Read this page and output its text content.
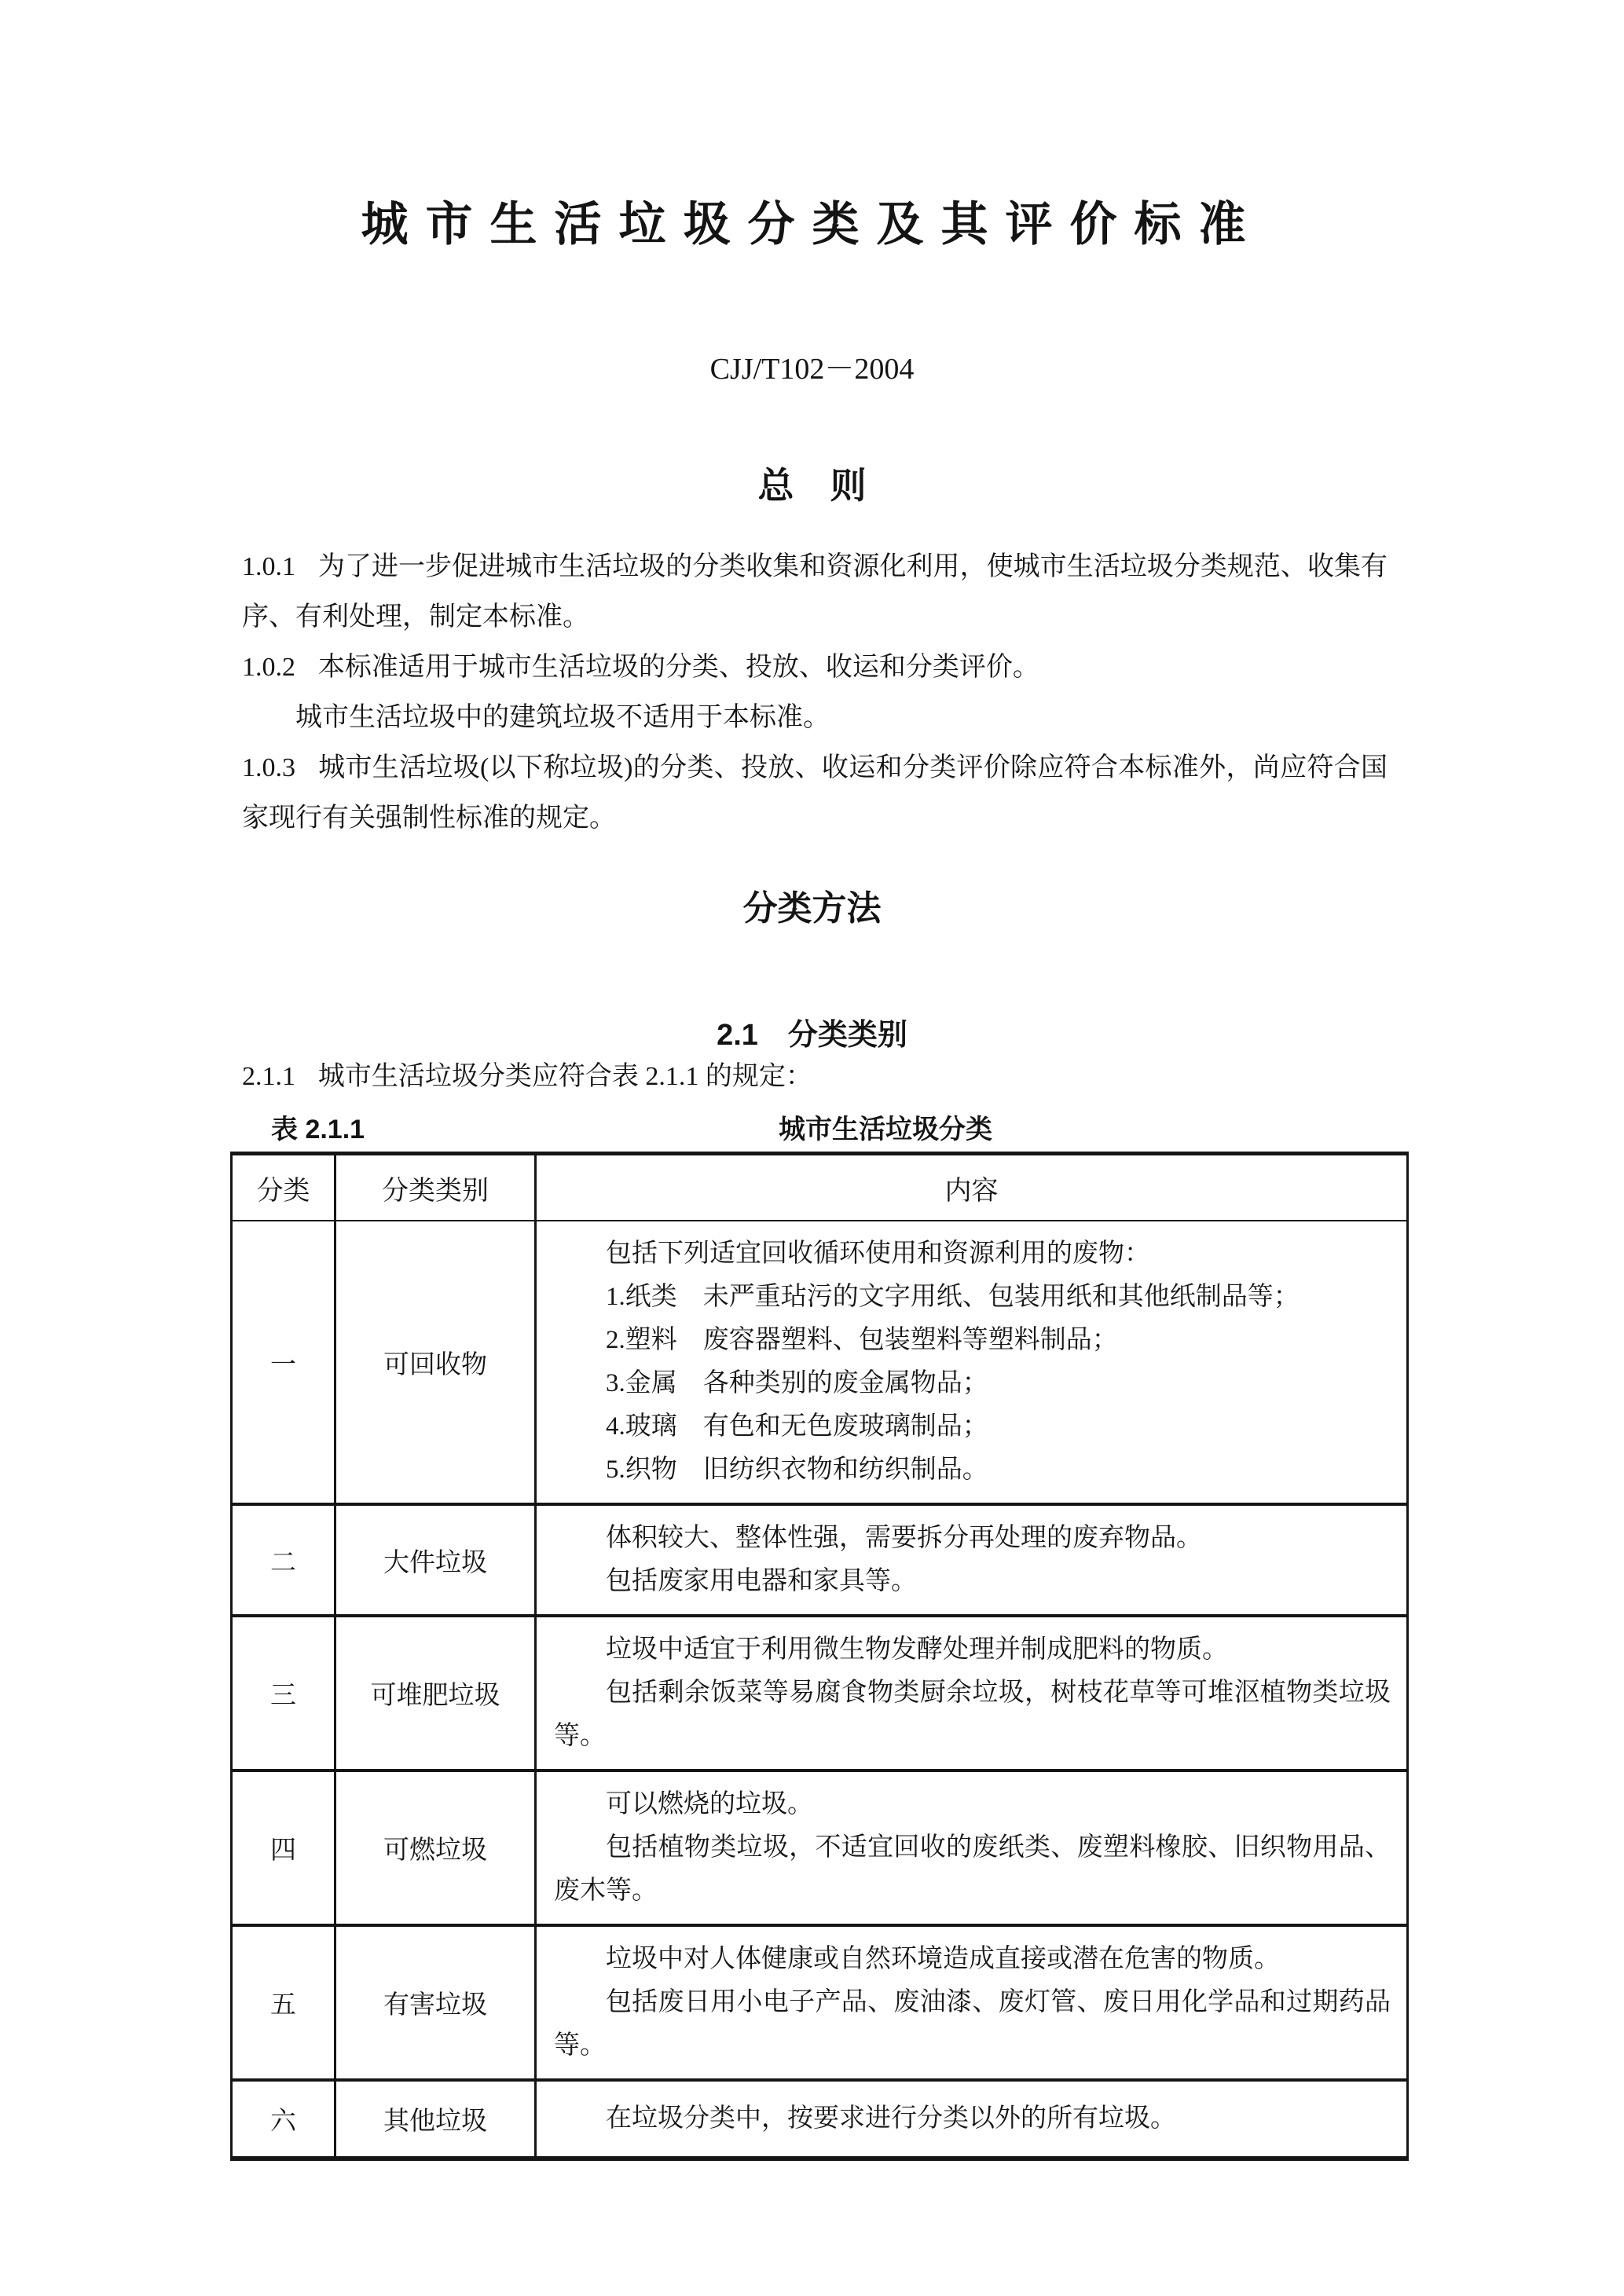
城市生活垃圾分类及其评价标准
CJJ/T102－2004
总　则

1.0.1 为了进一步促进城市生活垃圾的分类收集和资源化利用，使城市生活垃圾分类规范、收集有序、有利处理，制定本标准。

1.0.2 本标准适用于城市生活垃圾的分类、投放、收运和分类评价。

城市生活垃圾中的建筑垃圾不适用于本标准。

1.0.3 城市生活垃圾(以下称垃圾)的分类、投放、收运和分类评价除应符合本标准外，尚应符合国家现行有关强制性标准的规定。

分类方法
2.1　分类类别

2.1.1 城市生活垃圾分类应符合表 2.1.1 的规定：

表 2.1.1	城市生活垃圾分类
分类	分类类别	内容
一	可回收物	

包括下列适宜回收循环使用和资源利用的废物：

1.纸类　未严重玷污的文字用纸、包装用纸和其他纸制品等；

2.塑料　废容器塑料、包装塑料等塑料制品；

3.金属　各种类别的废金属物品；

4.玻璃　有色和无色废玻璃制品；

5.织物　旧纺织衣物和纺织制品。

二	大件垃圾	体积较大、整体性强，需要拆分再处理的废弃物品。

包括废家用电器和家具等。

三	可堆肥垃圾	垃圾中适宜于利用微生物发酵处理并制成肥料的物质。

包括剩余饭菜等易腐食物类厨余垃圾，树枝花草等可堆沤植物类垃圾等。

四	可燃垃圾	可以燃烧的垃圾。

包括植物类垃圾，不适宜回收的废纸类、废塑料橡胶、旧织物用品、废木等。

五	有害垃圾	垃圾中对人体健康或自然环境造成直接或潜在危害的物质。

包括废日用小电子产品、废油漆、废灯管、废日用化学品和过期药品等。

六	其他垃圾	在垃圾分类中，按要求进行分类以外的所有垃圾。
